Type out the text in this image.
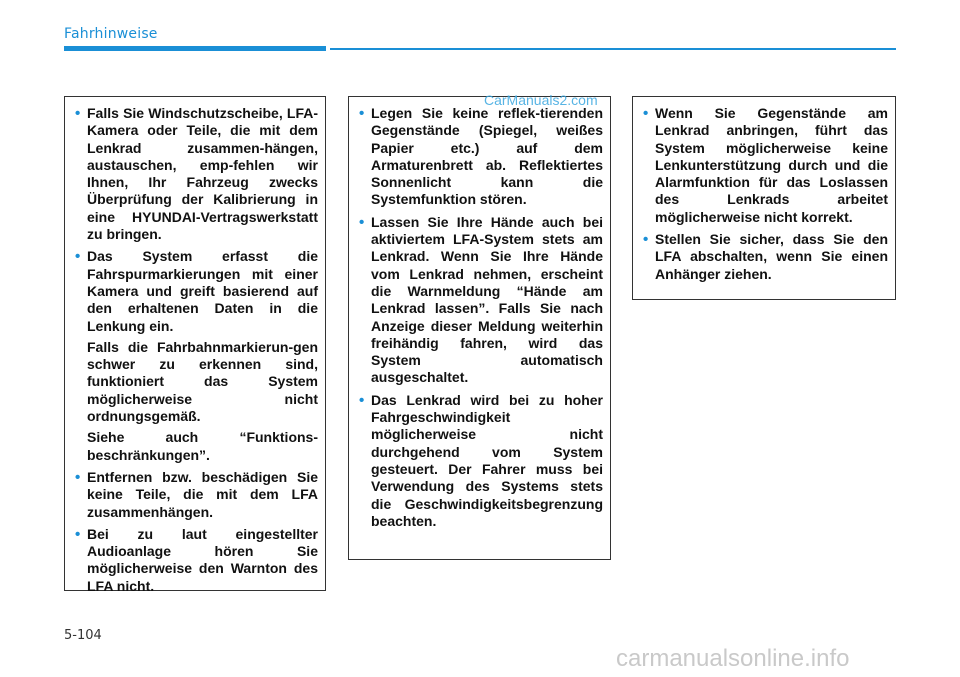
Fahrhinweise
• Falls Sie Windschutzscheibe, LFA-Kamera oder Teile, die mit dem Lenkrad zusammen-hängen, austauschen, emp-fehlen wir Ihnen, Ihr Fahrzeug zwecks Überprüfung der Kalibrierung in eine HYUNDAI-Vertragswerkstatt zu bringen.
• Das System erfasst die Fahrspurmarkierungen mit einer Kamera und greift basierend auf den erhaltenen Daten in die Lenkung ein.
Falls die Fahrbahnmarkierun-gen schwer zu erkennen sind, funktioniert das System möglicherweise nicht ordnungsgemäß.
Siehe auch “Funktions-beschränkungen”.
• Entfernen bzw. beschädigen Sie keine Teile, die mit dem LFA zusammenhängen.
• Bei zu laut eingestellter Audioanlage hören Sie möglicherweise den Warnton des LFA nicht.
• Legen Sie keine reflek-tierenden Gegenstände (Spiegel, weißes Papier etc.) auf dem Armaturenbrett ab. Reflektiertes Sonnenlicht kann die Systemfunktion stören.
• Lassen Sie Ihre Hände auch bei aktiviertem LFA-System stets am Lenkrad. Wenn Sie Ihre Hände vom Lenkrad nehmen, erscheint die Warnmeldung “Hände am Lenkrad lassen”. Falls Sie nach Anzeige dieser Meldung weiterhin freihändig fahren, wird das System automatisch ausgeschaltet.
• Das Lenkrad wird bei zu hoher Fahrgeschwindigkeit möglicherweise nicht durchgehend vom System gesteuert. Der Fahrer muss bei Verwendung des Systems stets die Geschwindigkeitsbegrenzung beachten.
• Wenn Sie Gegenstände am Lenkrad anbringen, führt das System möglicherweise keine Lenkunterstützung durch und die Alarmfunktion für das Loslassen des Lenkrads arbeitet möglicherweise nicht korrekt.
• Stellen Sie sicher, dass Sie den LFA abschalten, wenn Sie einen Anhänger ziehen.
CarManuals2.com
5-104
carmanualsonline.info
